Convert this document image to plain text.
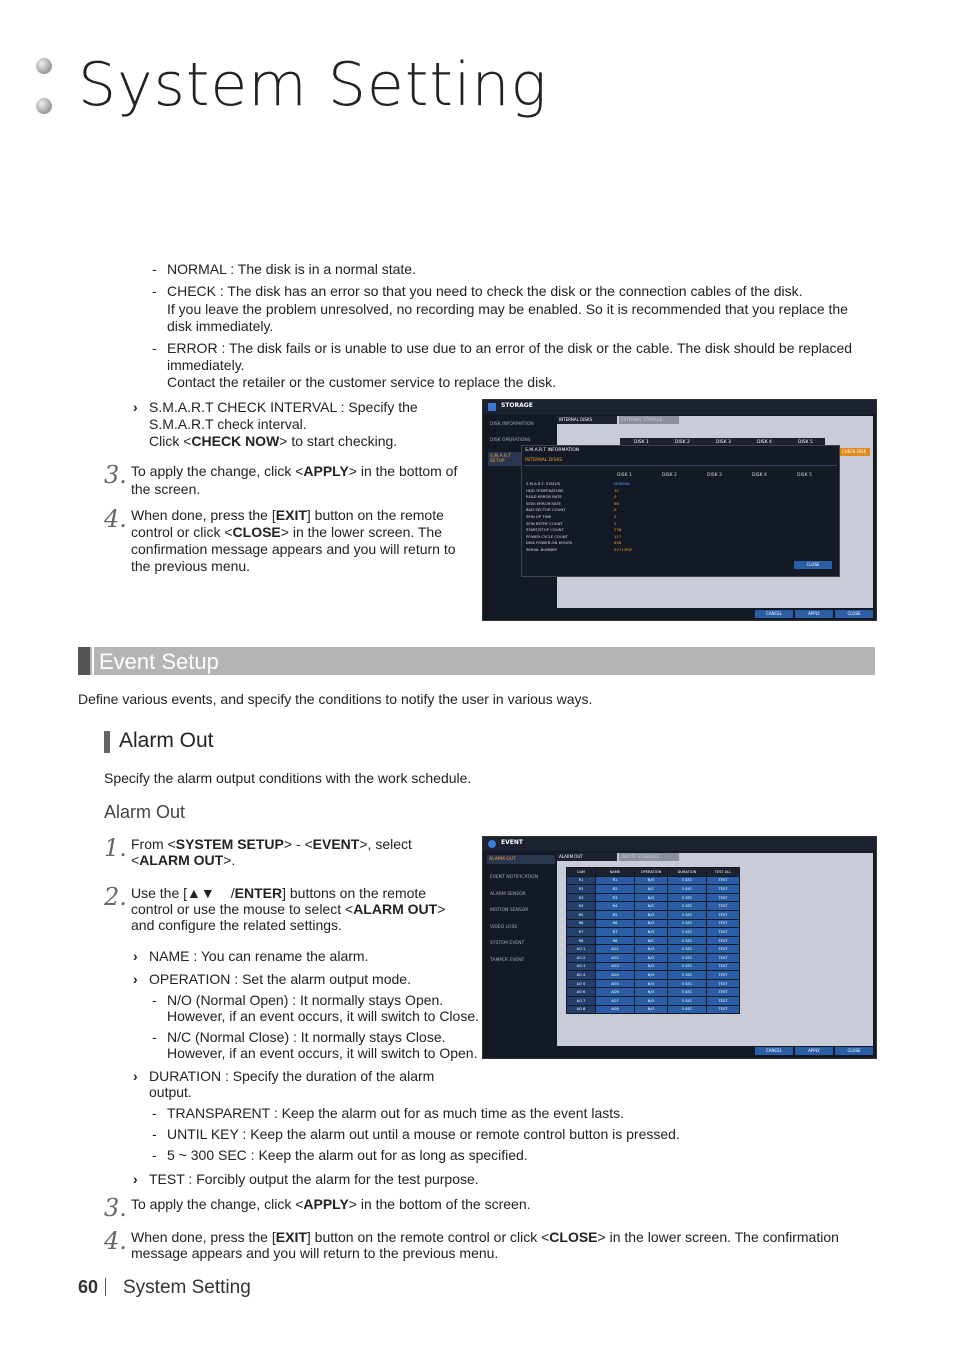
System Setting
- NORMAL : The disk is in a normal state.
- CHECK : The disk has an error so that you need to check the disk or the connection cables of the disk.
If you leave the problem unresolved, no recording may be enabled. So it is recommended that you replace the
disk immediately.
- ERROR : The disk fails or is unable to use due to an error of the disk or the cable. The disk should be replaced
immediately.
Contact the retailer or the customer service to replace the disk.
› S.M.A.R.T CHECK INTERVAL : Specify the
S.M.A.R.T check interval.
Click <CHECK NOW> to start checking.
3. To apply the change, click <APPLY> in the bottom of
the screen.
4. When done, press the [EXIT] button on the remote
control or click <CLOSE> in the lower screen. The
confirmation message appears and you will return to
the previous menu.
STORAGE
DISK INFORMATION
DISK OPERATIONS
S.M.A.R.T SETUP
INTERNAL DISKS	EXTERNAL STORAGE
DISK 1	DISK 2	DISK 3	DISK 4	DISK 5
CHECK DISK
S.M.A.R.T INFORMATION
INTERNAL DISKS
DISK 1	DISK 2	DISK 3	DISK 4	DISK 5
S.M.A.R.T. STATUS	NORMAL
HDD TEMPERATURE	30
READ ERROR RATE	0
SEEK ERROR RATE	66
BAD SECTOR COUNT	0
SPIN UP TIME	0
SPIN RETRY COUNT	0
START/STOP COUNT	238
POWER CYCLE COUNT	117
DISK POWER-ON HOURS	636
SERIAL NUMBER	5VT13RJY
CLOSE
CANCEL	APPLY	CLOSE
Event Setup
Define various events, and specify the conditions to notify the user in various ways.
Alarm Out
Specify the alarm output conditions with the work schedule.
Alarm Out
1. From <SYSTEM SETUP> - <EVENT>, select
<ALARM OUT>.
2. Use the [▲▼ /ENTER] buttons on the remote
control or use the mouse to select <ALARM OUT>
and configure the related settings.
› NAME : You can rename the alarm.
› OPERATION : Set the alarm output mode.
- N/O (Normal Open) : It normally stays Open.
However, if an event occurs, it will switch to Close.
- N/C (Normal Close) : It normally stays Close.
However, if an event occurs, it will switch to Open.
› DURATION : Specify the duration of the alarm
output.
- TRANSPARENT : Keep the alarm out for as much time as the event lasts.
- UNTIL KEY : Keep the alarm out until a mouse or remote control button is pressed.
- 5 ~ 300 SEC : Keep the alarm out for as long as specified.
› TEST : Forcibly output the alarm for the test purpose.
3. To apply the change, click <APPLY> in the bottom of the screen.
4. When done, press the [EXIT] button on the remote control or click <CLOSE> in the lower screen. The confirmation
message appears and you will return to the previous menu.
EVENT
ALARM OUT
EVENT NOTIFICATION
ALARM SENSOR
MOTION SENSOR
VIDEO LOSS
SYSTEM EVENT
TAMPER EVENT
ALARM OUT	ON/OFF SCHEDULE
CAM	NAME	OPERATION	DURATION	TEST ALL
R1	R1	N/O	5 SEC	TEST
R2	R2	N/C	5 SEC	TEST
R3	R3	N/O	5 SEC	TEST
R4	R4	N/C	5 SEC	TEST
R5	R5	N/O	5 SEC	TEST
R6	R6	N/O	5 SEC	TEST
R7	R7	N/O	5 SEC	TEST
R8	R8	N/C	5 SEC	TEST
AO 1	AO1	N/O	5 SEC	TEST
AO 2	AO2	N/O	5 SEC	TEST
AO 3	AO3	N/O	5 SEC	TEST
AO 4	AO4	N/O	5 SEC	TEST
AO 5	AO5	N/O	5 SEC	TEST
AO 6	AO6	N/O	5 SEC	TEST
AO 7	AO7	N/O	5 SEC	TEST
AO 8	AO8	N/O	5 SEC	TEST
CANCEL	APPLY	CLOSE
60 System Setting
